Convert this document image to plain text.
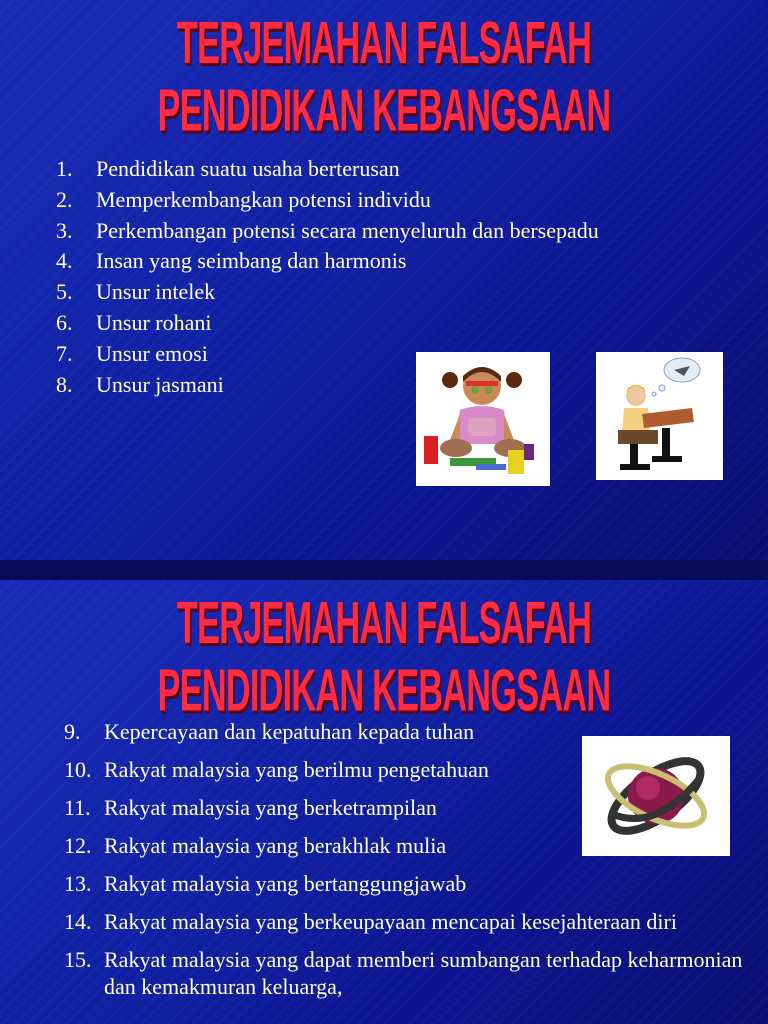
TERJEMAHAN FALSAFAH PENDIDIKAN KEBANGSAAN
1.	Pendidikan suatu usaha berterusan
2.	Memperkembangkan potensi individu
3.	Perkembangan potensi secara menyeluruh dan bersepadu
4.	Insan yang seimbang dan harmonis
5.	Unsur intelek
6.	Unsur rohani
7.	Unsur emosi
8.	Unsur jasmani
TERJEMAHAN FALSAFAH PENDIDIKAN KEBANGSAAN
9.	Kepercayaan dan kepatuhan kepada tuhan
10. Rakyat malaysia yang berilmu pengetahuan
11. Rakyat malaysia yang berketrampilan
12. Rakyat malaysia yang berakhlak mulia
13. Rakyat malaysia yang bertanggungjawab
14. Rakyat malaysia yang berkeupayaan mencapai kesejahteraan diri
15. Rakyat malaysia yang dapat memberi sumbangan terhadap keharmonian dan kemakmuran keluarga,
